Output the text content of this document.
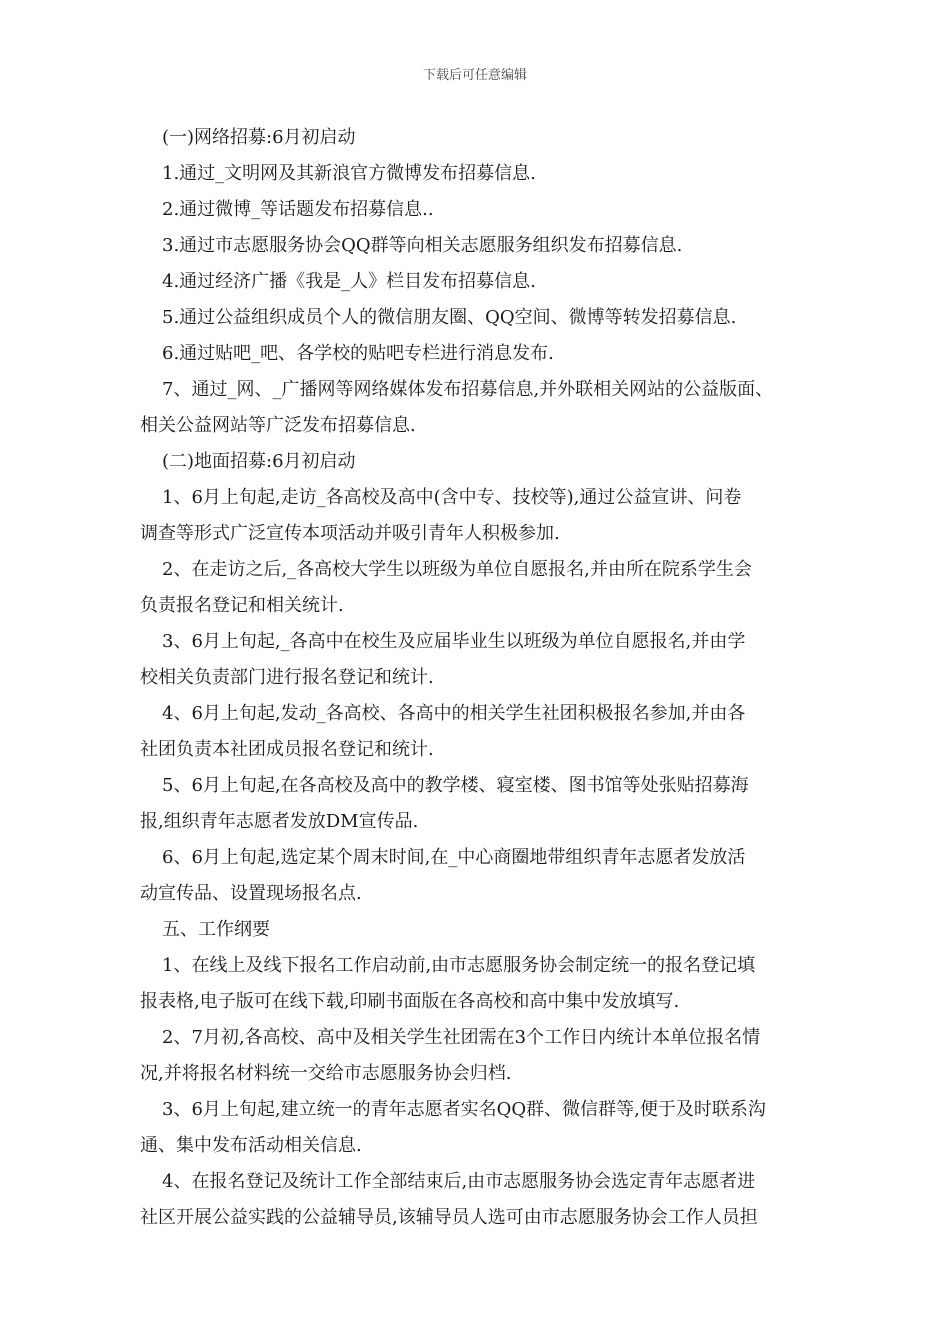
下载后可任意编辑
(一)网络招募:6月初启动
1.通过_文明网及其新浪官方微博发布招募信息.
2.通过微博_等话题发布招募信息..
3.通过市志愿服务协会QQ群等向相关志愿服务组织发布招募信息.
4.通过经济广播《我是_人》栏目发布招募信息.
5.通过公益组织成员个人的微信朋友圈、QQ空间、微博等转发招募信息.
6.通过贴吧_吧、各学校的贴吧专栏进行消息发布.
7、通过_网、_广播网等网络媒体发布招募信息,并外联相关网站的公益版面、
相关公益网站等广泛发布招募信息.
(二)地面招募:6月初启动
1、6月上旬起,走访_各高校及高中(含中专、技校等),通过公益宣讲、问卷
调查等形式广泛宣传本项活动并吸引青年人积极参加.
2、在走访之后,_各高校大学生以班级为单位自愿报名,并由所在院系学生会
负责报名登记和相关统计.
3、6月上旬起,_各高中在校生及应届毕业生以班级为单位自愿报名,并由学
校相关负责部门进行报名登记和统计.
4、6月上旬起,发动_各高校、各高中的相关学生社团积极报名参加,并由各
社团负责本社团成员报名登记和统计.
5、6月上旬起,在各高校及高中的教学楼、寝室楼、图书馆等处张贴招募海
报,组织青年志愿者发放DM宣传品.
6、6月上旬起,选定某个周末时间,在_中心商圈地带组织青年志愿者发放活
动宣传品、设置现场报名点.
五、工作纲要
1、在线上及线下报名工作启动前,由市志愿服务协会制定统一的报名登记填
报表格,电子版可在线下载,印刷书面版在各高校和高中集中发放填写.
2、7月初,各高校、高中及相关学生社团需在3个工作日内统计本单位报名情
况,并将报名材料统一交给市志愿服务协会归档.
3、6月上旬起,建立统一的青年志愿者实名QQ群、微信群等,便于及时联系沟
通、集中发布活动相关信息.
4、在报名登记及统计工作全部结束后,由市志愿服务协会选定青年志愿者进
社区开展公益实践的公益辅导员,该辅导员人选可由市志愿服务协会工作人员担
